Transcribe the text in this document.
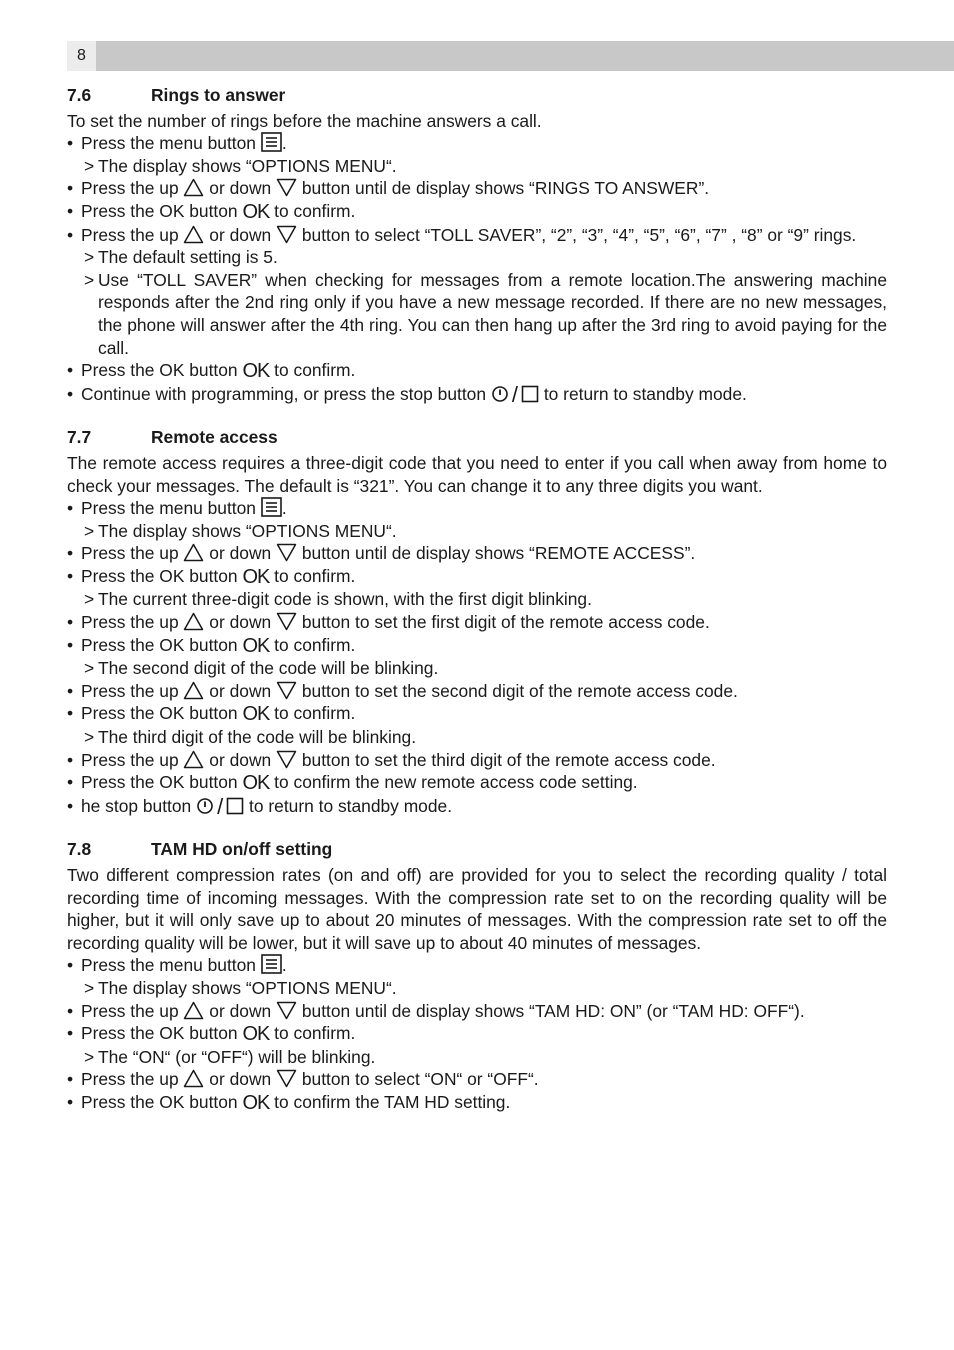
8
7.6	Rings to answer

To set the number of rings before the machine answers a call.

• Press the menu button .
> The display shows “OPTIONS MENU“.
• Press the up  or down  button until de display shows “RINGS TO ANSWER”.
• Press the OK button OK to confirm.
• Press the up  or down  button to select “TOLL SAVER”, “2”, “3”, “4”, “5”, “6”, “7” , “8” or “9” rings.
> The default setting is 5.
> Use “TOLL SAVER” when checking for messages from a remote location.The answering machine responds after the 2nd ring only if you have a new message recorded. If there are no new messages, the phone will answer after the 4th ring. You can then hang up after the 3rd ring to avoid paying for the call.
• Press the OK button OK to confirm.
• Continue with programming, or press the stop button / to return to standby mode.
7.7	Remote access

The remote access requires a three-digit code that you need to enter if you call when away from home to check your messages. The default is “321”. You can change it to any three digits you want.

• Press the menu button .
> The display shows “OPTIONS MENU“.
• Press the up  or down  button until de display shows “REMOTE ACCESS”.
• Press the OK button OK to confirm.
> The current three-digit code is shown, with the first digit blinking.
• Press the up  or down  button to set the first digit of the remote access code.
• Press the OK button OK to confirm.
> The second digit of the code will be blinking.
• Press the up  or down  button to set the second digit of the remote access code.
• Press the OK button OK to confirm.
> The third digit of the code will be blinking.
• Press the up  or down  button to set the third digit of the remote access code.
• Press the OK button OK to confirm the new remote access code setting.
• he stop button / to return to standby mode.
7.8	TAM HD on/off setting

Two different compression rates (on and off) are provided for you to select the recording quality / total recording time of incoming messages. With the compression rate set to on the recording quality will be higher, but it will only save up to about 20 minutes of messages. With the compression rate set to off the recording quality will be lower, but it will save up to about 40 minutes of messages.

• Press the menu button .
> The display shows “OPTIONS MENU“.
• Press the up  or down  button until de display shows “TAM HD: ON” (or “TAM HD: OFF“).
• Press the OK button OK to confirm.
> The “ON“ (or “OFF“) will be blinking.
• Press the up  or down  button to select “ON“ or “OFF“.
• Press the OK button OK to confirm the TAM HD setting.
